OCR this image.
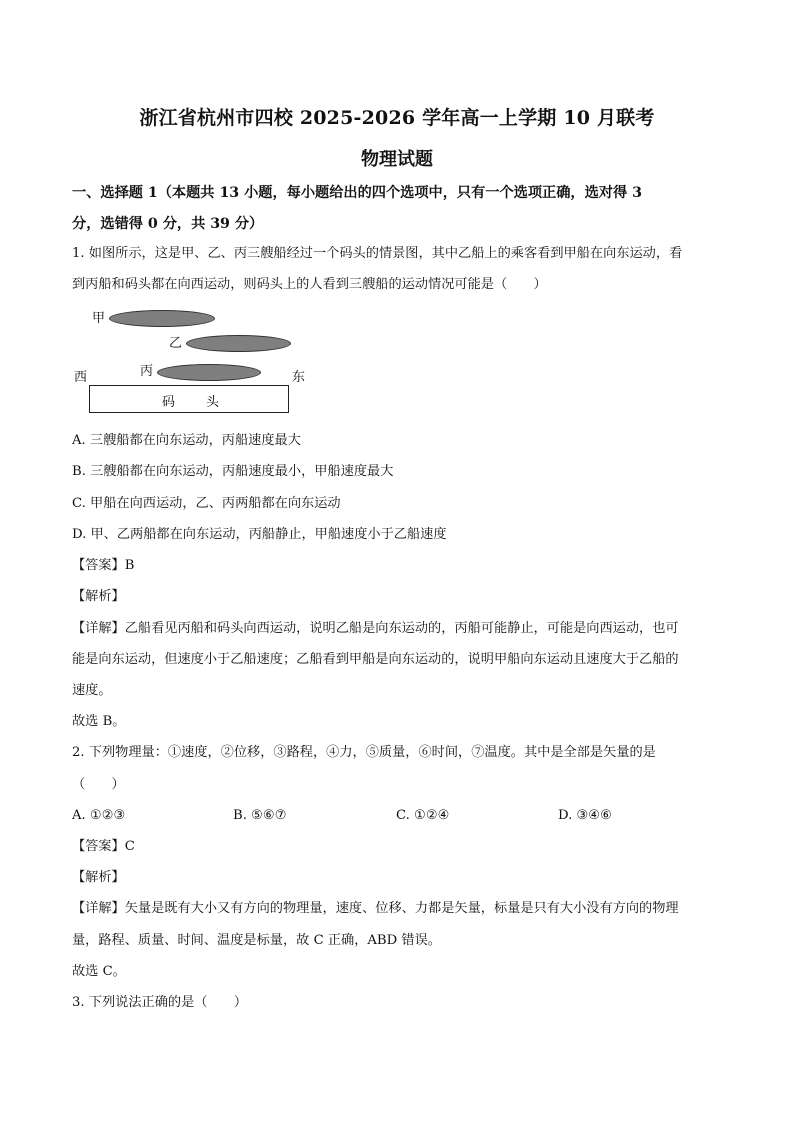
浙江省杭州市四校 2025-2026 学年高一上学期 10 月联考
物理试题
一、选择题 1（本题共 13 小题，每小题给出的四个选项中，只有一个选项正确，选对得 3
分，选错得 0 分，共 39 分）
1. 如图所示，这是甲、乙、丙三艘船经过一个码头的情景图，其中乙船上的乘客看到甲船在向东运动，看
到丙船和码头都在向西运动，则码头上的人看到三艘船的运动情况可能是（　　）
甲
乙
丙
西	东
码 头
A. 三艘船都在向东运动，丙船速度最大
B. 三艘船都在向东运动，丙船速度最小，甲船速度最大
C. 甲船在向西运动，乙、丙两船都在向东运动
D. 甲、乙两船都在向东运动，丙船静止，甲船速度小于乙船速度
【答案】B
【解析】
【详解】乙船看见丙船和码头向西运动，说明乙船是向东运动的，丙船可能静止，可能是向西运动，也可
能是向东运动，但速度小于乙船速度；乙船看到甲船是向东运动的，说明甲船向东运动且速度大于乙船的
速度。
故选 B。
2. 下列物理量：①速度，②位移，③路程，④力，⑤质量，⑥时间，⑦温度。其中是全部是矢量的是
（　　）
A. ①②③	B. ⑤⑥⑦	C. ①②④	D. ③④⑥
【答案】C
【解析】
【详解】矢量是既有大小又有方向的物理量，速度、位移、力都是矢量，标量是只有大小没有方向的物理
量，路程、质量、时间、温度是标量，故 C 正确，ABD 错误。
故选 C。
3. 下列说法正确的是（　　）
